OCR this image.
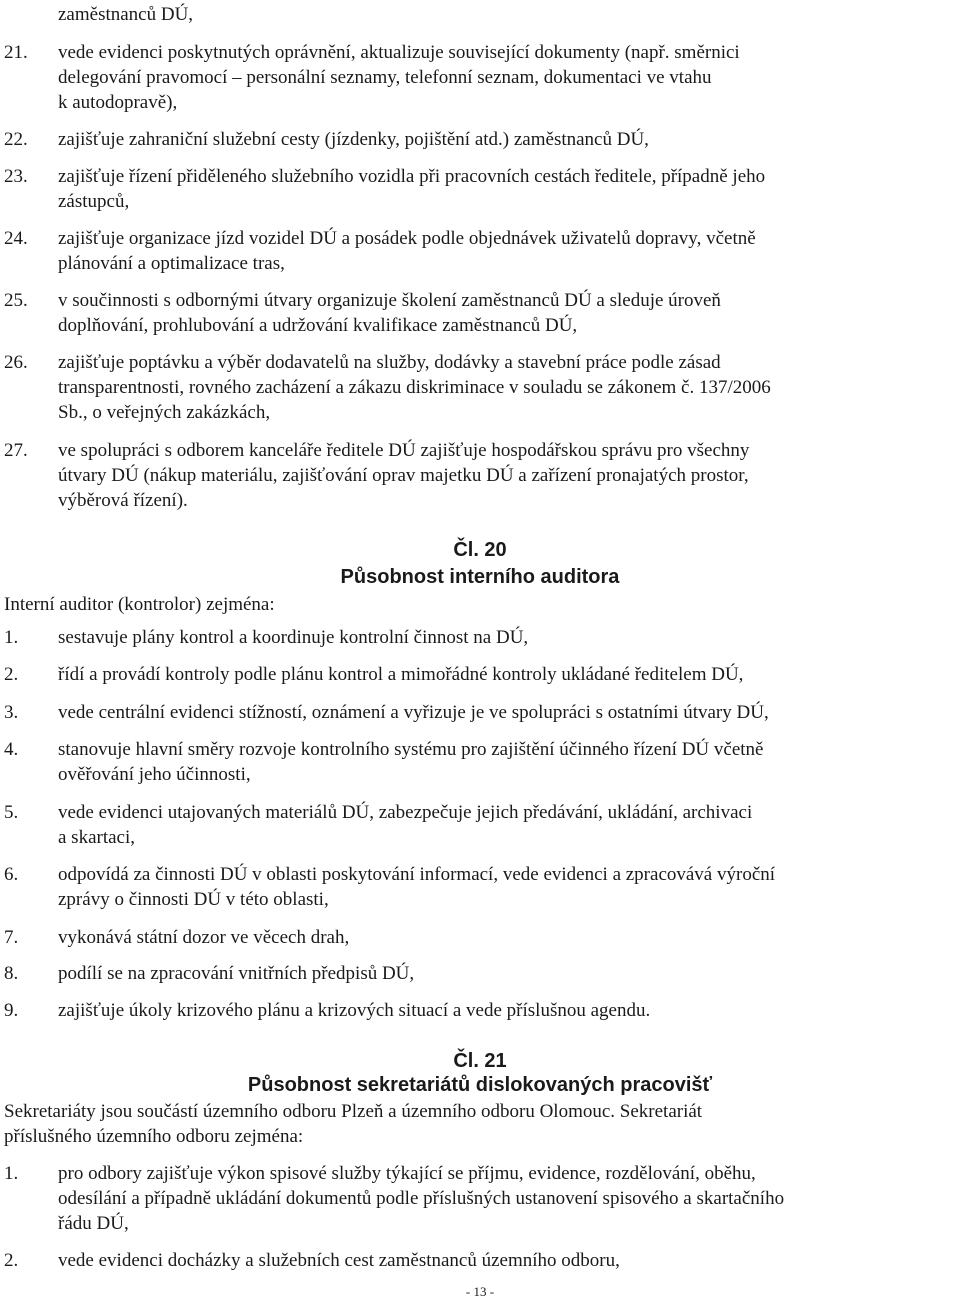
zaměstnanců DÚ,
21. vede evidenci poskytnutých oprávnění, aktualizuje související dokumenty (např. směrnici
delegování pravomocí – personální seznamy, telefonní seznam, dokumentaci ve vtahu
k autodopravě),
22. zajišťuje zahraniční služební cesty (jízdenky, pojištění atd.) zaměstnanců DÚ,
23. zajišťuje řízení přiděleného služebního vozidla při pracovních cestách ředitele, případně jeho
zástupců,
24. zajišťuje organizace jízd vozidel DÚ a posádek podle objednávek uživatelů dopravy, včetně
plánování a optimalizace tras,
25. v součinnosti s odbornými útvary organizuje školení zaměstnanců DÚ a sleduje úroveň
doplňování, prohlubování a udržování kvalifikace zaměstnanců DÚ,
26. zajišťuje poptávku a výběr dodavatelů na služby, dodávky a stavební práce podle zásad
transparentnosti, rovného zacházení a zákazu diskriminace v souladu se zákonem č. 137/2006
Sb., o veřejných zakázkách,
27. ve spolupráci s odborem kanceláře ředitele DÚ zajišťuje hospodářskou správu pro všechny
útvary DÚ (nákup materiálu, zajišťování oprav majetku DÚ a zařízení pronajatých prostor,
výběrová řízení).
Čl. 20
Působnost interního auditora
Interní auditor (kontrolor) zejména:
1. sestavuje plány kontrol a koordinuje kontrolní činnost na DÚ,
2. řídí a provádí kontroly podle plánu kontrol a mimořádné kontroly ukládané ředitelem DÚ,
3. vede centrální evidenci stížností, oznámení a vyřizuje je ve spolupráci s ostatními útvary DÚ,
4. stanovuje hlavní směry rozvoje kontrolního systému pro zajištění účinného řízení DÚ včetně
ověřování jeho účinnosti,
5. vede evidenci utajovaných materiálů DÚ, zabezpečuje jejich předávání, ukládání, archivaci
a skartaci,
6. odpovídá za činnosti DÚ v oblasti poskytování informací, vede evidenci a zpracovává výroční
zprávy o činnosti DÚ v této oblasti,
7. vykonává státní dozor ve věcech drah,
8. podílí se na zpracování vnitřních předpisů DÚ,
9. zajišťuje úkoly krizového plánu a krizových situací a vede příslušnou agendu.
Čl. 21
Působnost sekretariátů dislokovaných pracovišť
Sekretariáty jsou součástí územního odboru Plzeň a územního odboru Olomouc. Sekretariát
příslušného územního odboru zejména:
1. pro odbory zajišťuje výkon spisové služby týkající se příjmu, evidence, rozdělování, oběhu,
odesílání a případně ukládání dokumentů podle příslušných ustanovení spisového a skartačního
řádu DÚ,
2. vede evidenci docházky a služebních cest zaměstnanců územního odboru,
- 13 -
